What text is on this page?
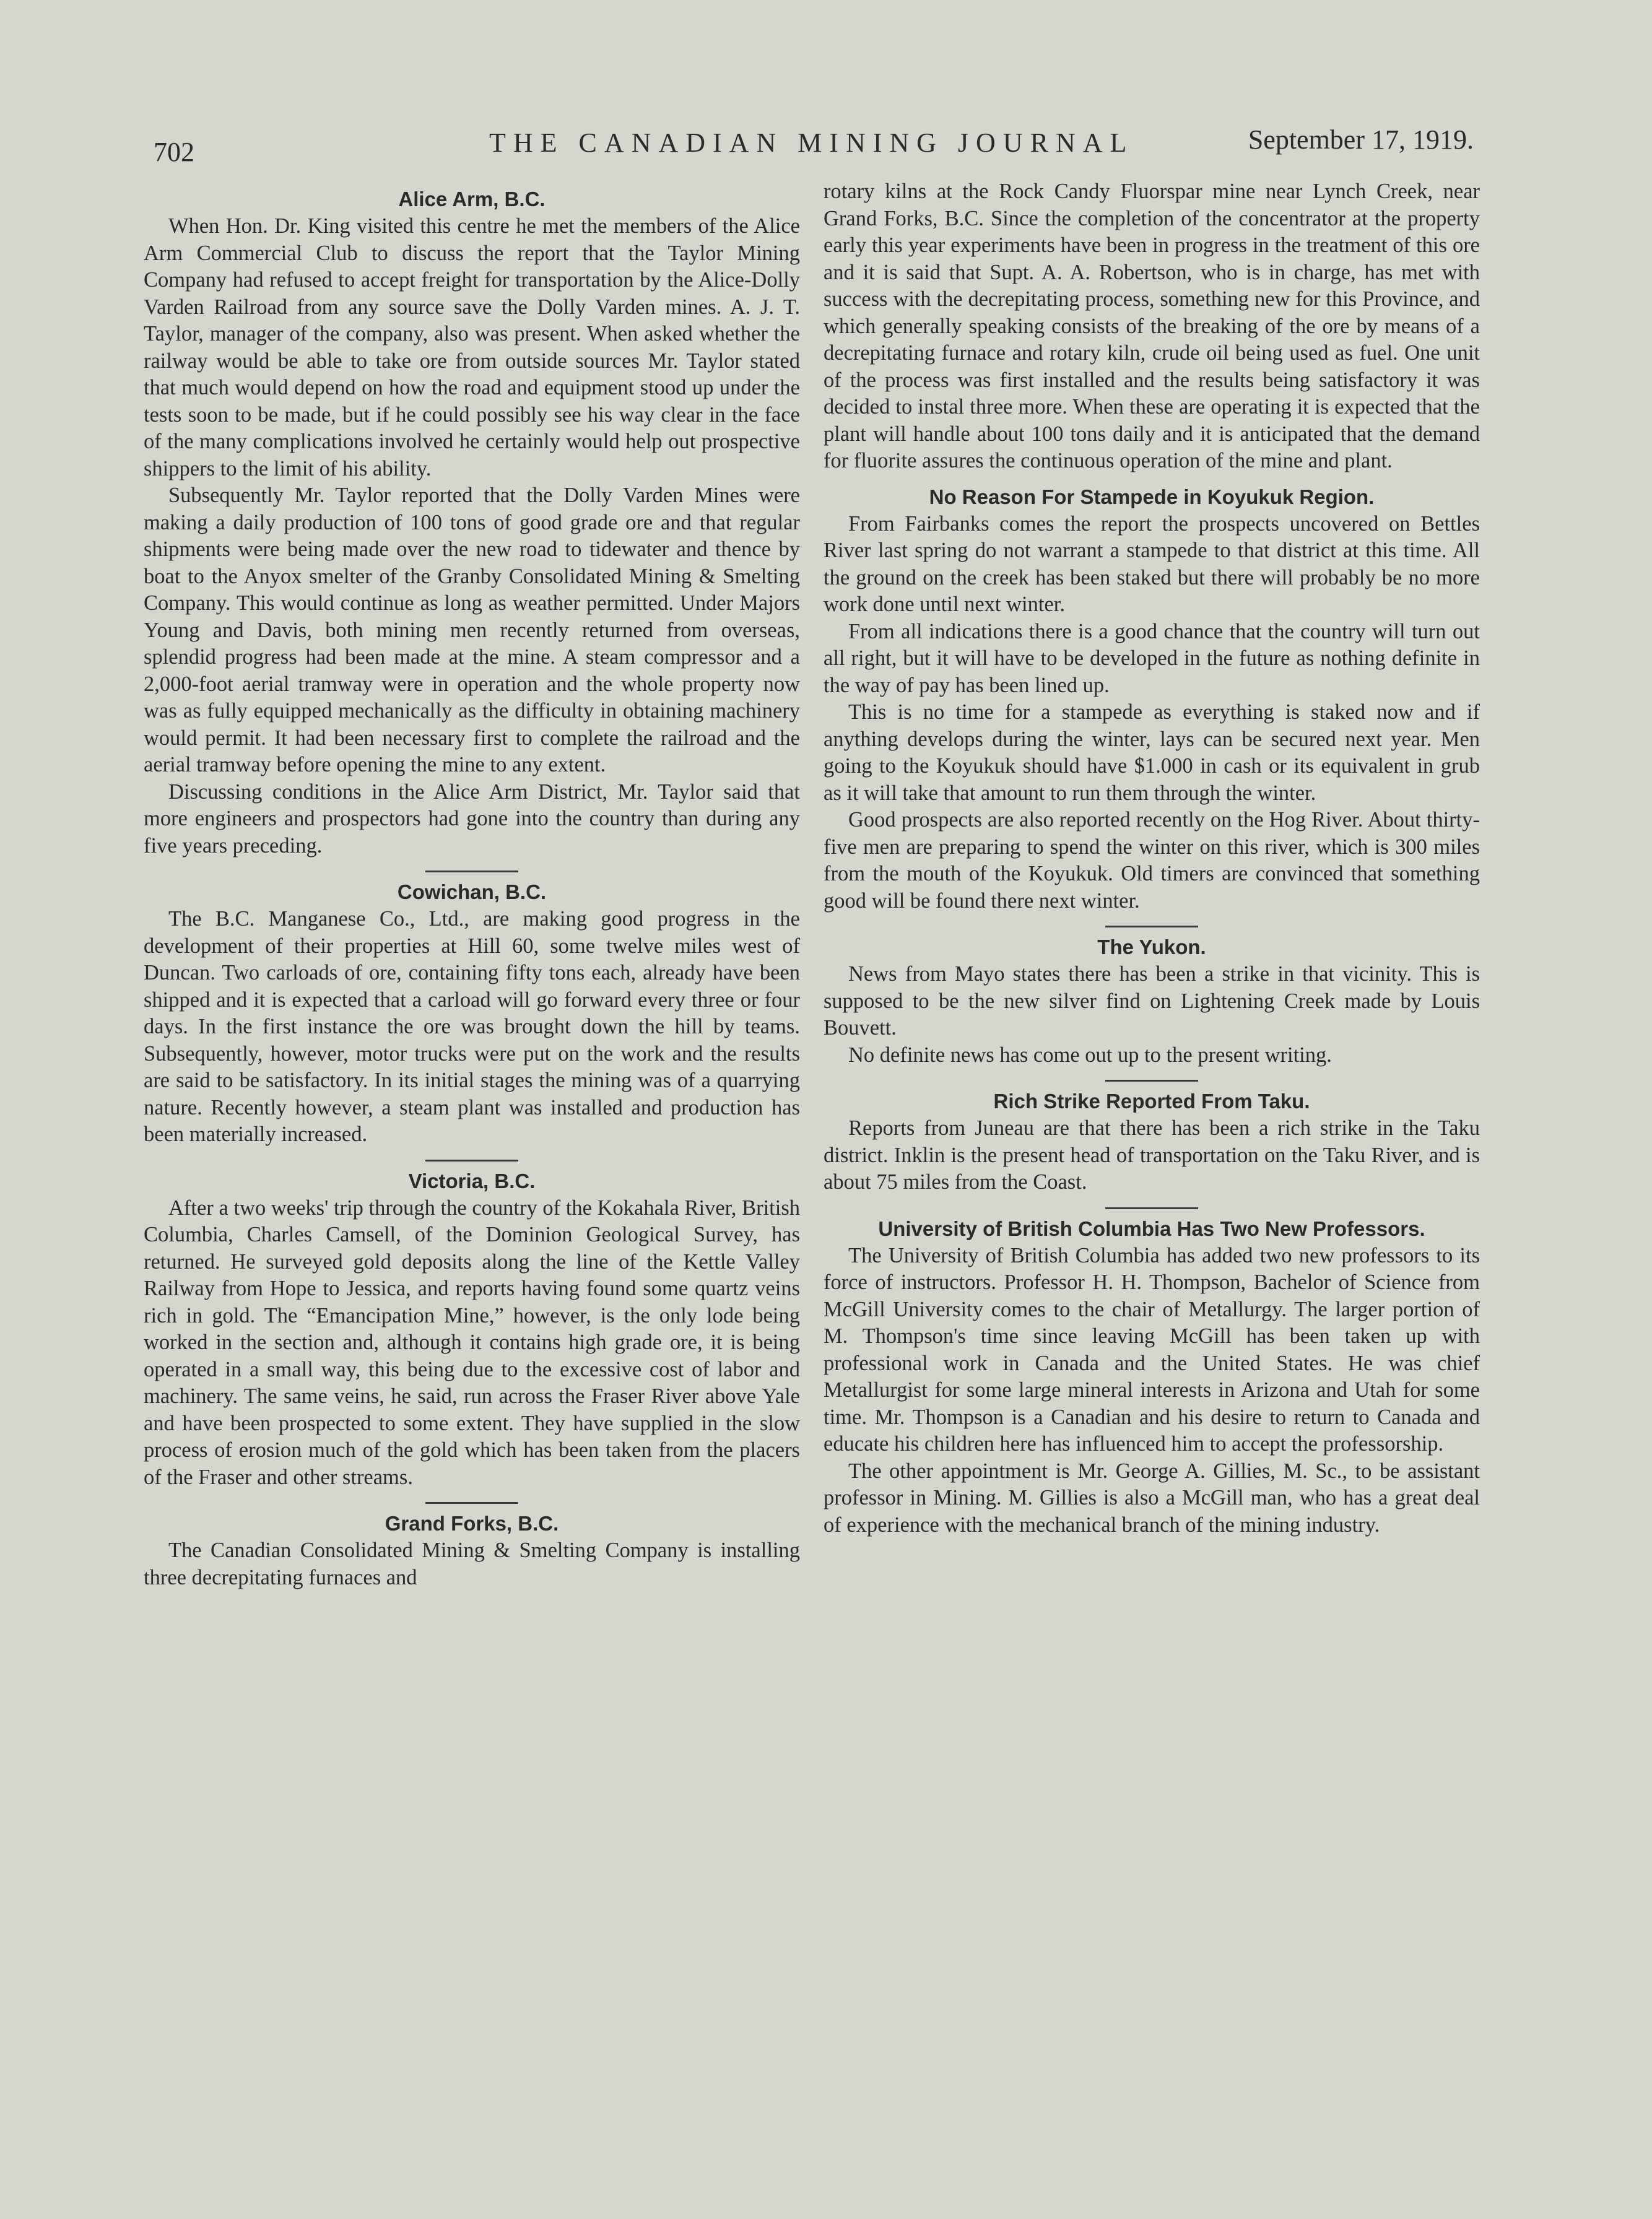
702	THE CANADIAN MINING JOURNAL	September 17, 1919.
Alice Arm, B.C.

When Hon. Dr. King visited this centre he met the members of the Alice Arm Commercial Club to discuss the report that the Taylor Mining Company had refused to accept freight for transportation by the Alice-Dolly Varden Railroad from any source save the Dolly Varden mines. A. J. T. Taylor, manager of the company, also was present. When asked whether the railway would be able to take ore from outside sources Mr. Taylor stated that much would depend on how the road and equipment stood up under the tests soon to be made, but if he could possibly see his way clear in the face of the many complications involved he certainly would help out prospective shippers to the limit of his ability.

Subsequently Mr. Taylor reported that the Dolly Varden Mines were making a daily production of 100 tons of good grade ore and that regular shipments were being made over the new road to tidewater and thence by boat to the Anyox smelter of the Granby Consolidated Mining & Smelting Company. This would continue as long as weather permitted. Under Majors Young and Davis, both mining men recently returned from overseas, splendid progress had been made at the mine. A steam compressor and a 2,000-foot aerial tramway were in operation and the whole property now was as fully equipped mechanically as the difficulty in obtaining machinery would permit. It had been necessary first to complete the railroad and the aerial tramway before opening the mine to any extent.

Discussing conditions in the Alice Arm District, Mr. Taylor said that more engineers and prospectors had gone into the country than during any five years preceding.

Cowichan, B.C.

The B.C. Manganese Co., Ltd., are making good progress in the development of their properties at Hill 60, some twelve miles west of Duncan. Two carloads of ore, containing fifty tons each, already have been shipped and it is expected that a carload will go forward every three or four days. In the first instance the ore was brought down the hill by teams. Subsequently, however, motor trucks were put on the work and the results are said to be satisfactory. In its initial stages the mining was of a quarrying nature. Recently however, a steam plant was installed and production has been materially increased.

Victoria, B.C.

After a two weeks' trip through the country of the Kokahala River, British Columbia, Charles Camsell, of the Dominion Geological Survey, has returned. He surveyed gold deposits along the line of the Kettle Valley Railway from Hope to Jessica, and reports having found some quartz veins rich in gold. The “Emancipation Mine,” however, is the only lode being worked in the section and, although it contains high grade ore, it is being operated in a small way, this being due to the excessive cost of labor and machinery. The same veins, he said, run across the Fraser River above Yale and have been prospected to some extent. They have supplied in the slow process of erosion much of the gold which has been taken from the placers of the Fraser and other streams.

Grand Forks, B.C.

The Canadian Consolidated Mining & Smelting Company is installing three decrepitating furnaces and

rotary kilns at the Rock Candy Fluorspar mine near Lynch Creek, near Grand Forks, B.C. Since the completion of the concentrator at the property early this year experiments have been in progress in the treatment of this ore and it is said that Supt. A. A. Robertson, who is in charge, has met with success with the decrepitating process, something new for this Province, and which generally speaking consists of the breaking of the ore by means of a decrepitating furnace and rotary kiln, crude oil being used as fuel. One unit of the process was first installed and the results being satisfactory it was decided to instal three more. When these are operating it is expected that the plant will handle about 100 tons daily and it is anticipated that the demand for fluorite assures the continuous operation of the mine and plant.

No Reason For Stampede in Koyukuk Region.

From Fairbanks comes the report the prospects uncovered on Bettles River last spring do not warrant a stampede to that district at this time. All the ground on the creek has been staked but there will probably be no more work done until next winter.

From all indications there is a good chance that the country will turn out all right, but it will have to be developed in the future as nothing definite in the way of pay has been lined up.

This is no time for a stampede as everything is staked now and if anything develops during the winter, lays can be secured next year. Men going to the Koyukuk should have $1.000 in cash or its equivalent in grub as it will take that amount to run them through the winter.

Good prospects are also reported recently on the Hog River. About thirty-five men are preparing to spend the winter on this river, which is 300 miles from the mouth of the Koyukuk. Old timers are convinced that something good will be found there next winter.

The Yukon.

News from Mayo states there has been a strike in that vicinity. This is supposed to be the new silver find on Lightening Creek made by Louis Bouvett.

No definite news has come out up to the present writing.

Rich Strike Reported From Taku.

Reports from Juneau are that there has been a rich strike in the Taku district. Inklin is the present head of transportation on the Taku River, and is about 75 miles from the Coast.

University of British Columbia Has Two New Professors.

The University of British Columbia has added two new professors to its force of instructors. Professor H. H. Thompson, Bachelor of Science from McGill University comes to the chair of Metallurgy. The larger portion of M. Thompson's time since leaving McGill has been taken up with professional work in Canada and the United States. He was chief Metallurgist for some large mineral interests in Arizona and Utah for some time. Mr. Thompson is a Canadian and his desire to return to Canada and educate his children here has influenced him to accept the professorship.

The other appointment is Mr. George A. Gillies, M. Sc., to be assistant professor in Mining. M. Gillies is also a McGill man, who has a great deal of experience with the mechanical branch of the mining industry.
